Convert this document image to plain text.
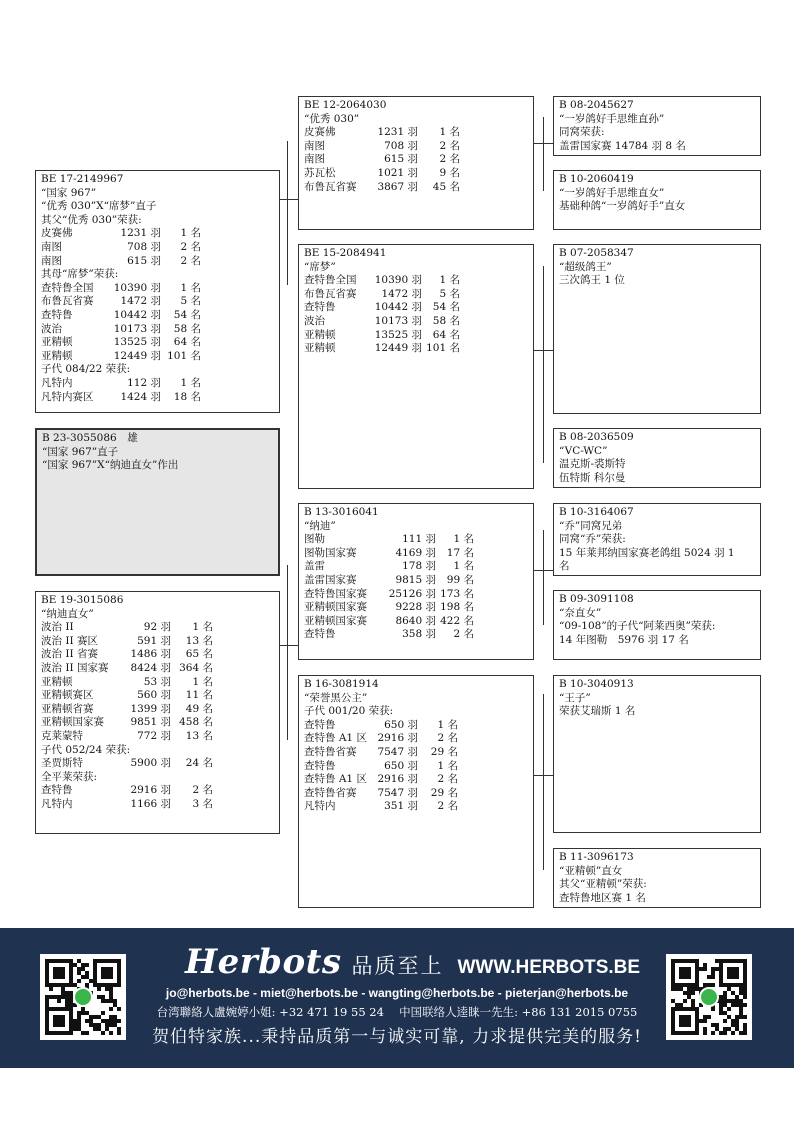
BE 17-2149967
“国家 967”
“优秀 030”X“席梦”直子
其父“优秀 030”荣获:
皮赛佛	1231 羽	1 名
南图	708 羽	2 名
南图	615 羽	2 名
其母“席梦”荣获:
查特鲁全国	10390 羽	1 名
布鲁瓦省赛	1472 羽	5 名
查特鲁	10442 羽	54 名
波治	10173 羽	58 名
亚精顿	13525 羽	64 名
亚精顿	12449 羽 101 名
子代 084/22 荣获:
凡特内	112 羽	1 名
凡特内赛区	1424 羽	18 名
B 23-3055086　雄
“国家 967”直子
“国家 967”X“纳迪直女”作出
BE 19-3015086
“纳迪直女”
波治 II	92 羽	1 名
波治 II 赛区	591 羽	13 名
波治 II 省赛	1486 羽	65 名
波治 II 国家赛	8424 羽 364 名
亚精顿	53 羽	1 名
亚精顿赛区	560 羽	11 名
亚精顿省赛	1399 羽	49 名
亚精顿国家赛	9851 羽 458 名
克莱蒙特	772 羽	13 名
子代 052/24 荣获:
圣贾斯特	5900 羽	24 名
全平莱荣获:
查特鲁	2916 羽	2 名
凡特内	1166 羽	3 名
BE 12-2064030
“优秀 030”
皮赛佛	1231 羽	1 名
南图	708 羽	2 名
南图	615 羽	2 名
苏瓦松	1021 羽	9 名
布鲁瓦省赛	3867 羽	45 名
BE 15-2084941
“席梦”
查特鲁全国	10390 羽	1 名
布鲁瓦省赛	1472 羽	5 名
查特鲁	10442 羽	54 名
波治	10173 羽	58 名
亚精顿	13525 羽	64 名
亚精顿	12449 羽 101 名
B 13-3016041
“纳迪”
图勒	111 羽	1 名
图勒国家赛	4169 羽	17 名
盖雷	178 羽	1 名
盖雷国家赛	9815 羽	99 名
查特鲁国家赛	25126 羽 173 名
亚精顿国家赛	9228 羽 198 名
亚精顿国家赛	8640 羽 422 名
查特鲁	358 羽	2 名
B 16-3081914
“荣誉黑公主”
子代 001/20 荣获:
查特鲁	650 羽	1 名
查特鲁 A1 区 2916 羽	2 名
查特鲁省赛	7547 羽	29 名
查特鲁	650 羽	1 名
查特鲁 A1 区 2916 羽	2 名
查特鲁省赛	7547 羽	29 名
凡特内	351 羽	2 名
B 08-2045627
“一岁鸽好手思维直孙”
同窝荣获:
盖雷国家赛 14784 羽 8 名
B 10-2060419
“一岁鸽好手思维直女”
基础种鸽“一岁鸽好手”直女
B 07-2058347
“超级鸽王”
三次鸽王 1 位
B 08-2036509
“VC-WC”
温克斯-裘斯特
伍特斯 科尔曼
B 10-3164067
“乔”同窝兄弟
同窝“乔”荣获:
15 年莱邦纳国家赛老鸽组 5024 羽 1
名
B 09-3091108
“奈直女”
“09-108”的子代“阿莱西奥”荣获:
14 年图勒　5976 羽 17 名
B 10-3040913
“王子”
荣获艾瑞斯 1 名
B 11-3096173
“亚精顿”直女
其父“亚精顿”荣获:
查特鲁地区赛 1 名
Herbots 品质至上 WWW.HERBOTS.BE
jo@herbots.be - miet@herbots.be - wangting@herbots.be - pieterjan@herbots.be
台湾聯絡人盧婉婷小姐: +32 471 19 55 24　 中国联络人逵睐一先生: +86 131 2015 0755
贺伯特家族...秉持品质第一与诚实可靠, 力求提供完美的服务!
